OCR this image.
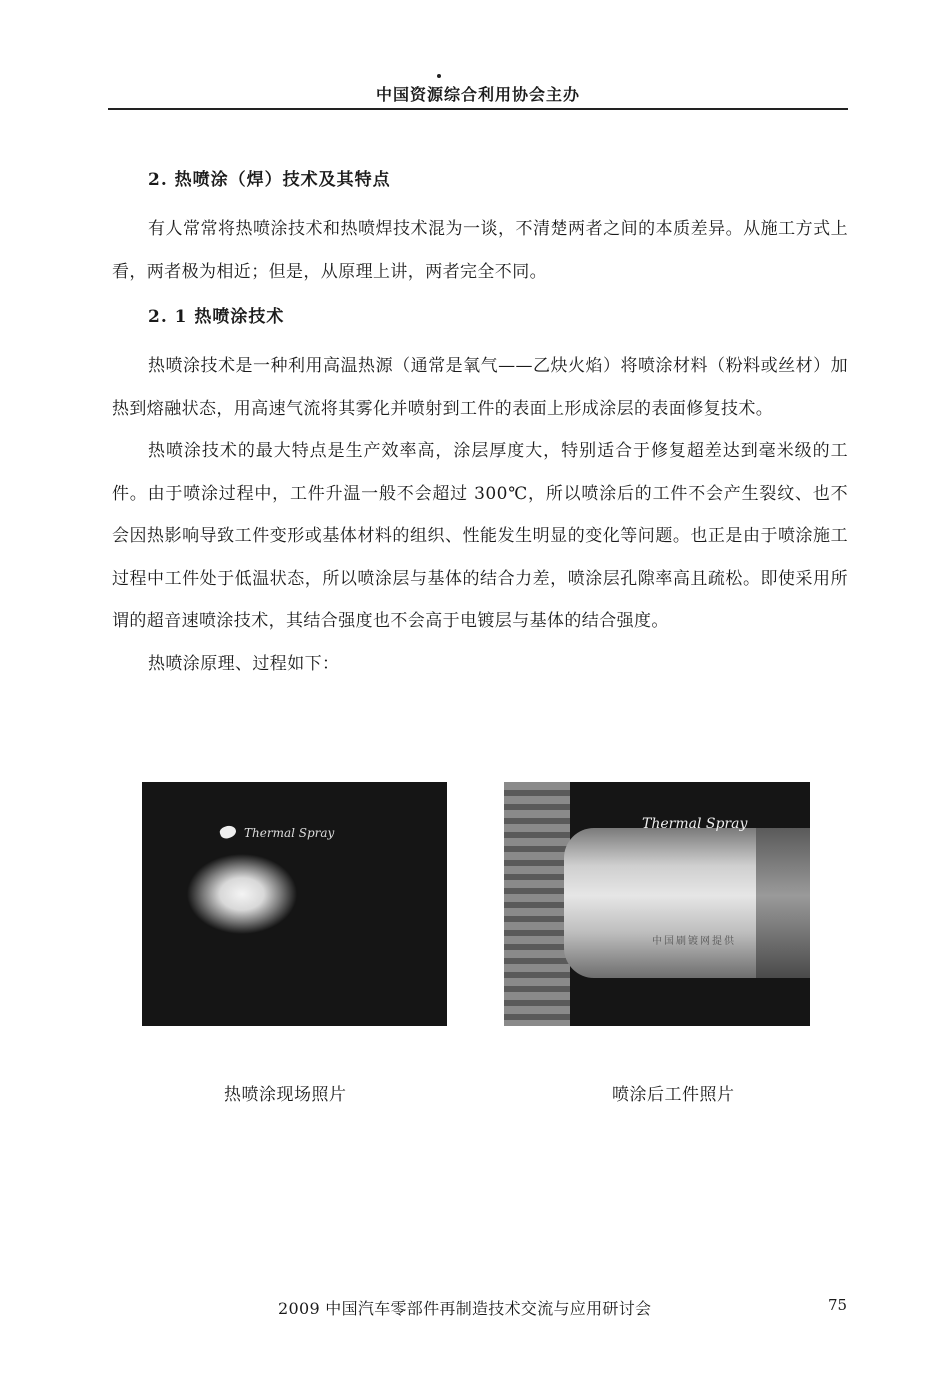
中国资源综合利用协会主办
2. 热喷涂（焊）技术及其特点

有人常常将热喷涂技术和热喷焊技术混为一谈，不清楚两者之间的本质差异。从施工方式上看，两者极为相近；但是，从原理上讲，两者完全不同。

2. 1 热喷涂技术

热喷涂技术是一种利用高温热源（通常是氧气——乙炔火焰）将喷涂材料（粉料或丝材）加热到熔融状态，用高速气流将其雾化并喷射到工件的表面上形成涂层的表面修复技术。

热喷涂技术的最大特点是生产效率高，涂层厚度大，特别适合于修复超差达到毫米级的工件。由于喷涂过程中，工件升温一般不会超过 300℃，所以喷涂后的工件不会产生裂纹、也不会因热影响导致工件变形或基体材料的组织、性能发生明显的变化等问题。也正是由于喷涂施工过程中工件处于低温状态，所以喷涂层与基体的结合力差，喷涂层孔隙率高且疏松。即使采用所谓的超音速喷涂技术，其结合强度也不会高于电镀层与基体的结合强度。

热喷涂原理、过程如下：

Thermal Spray
Thermal Spray
中国刷镀网提供
热喷涂现场照片	喷涂后工件照片
2009 中国汽车零部件再制造技术交流与应用研讨会	75
